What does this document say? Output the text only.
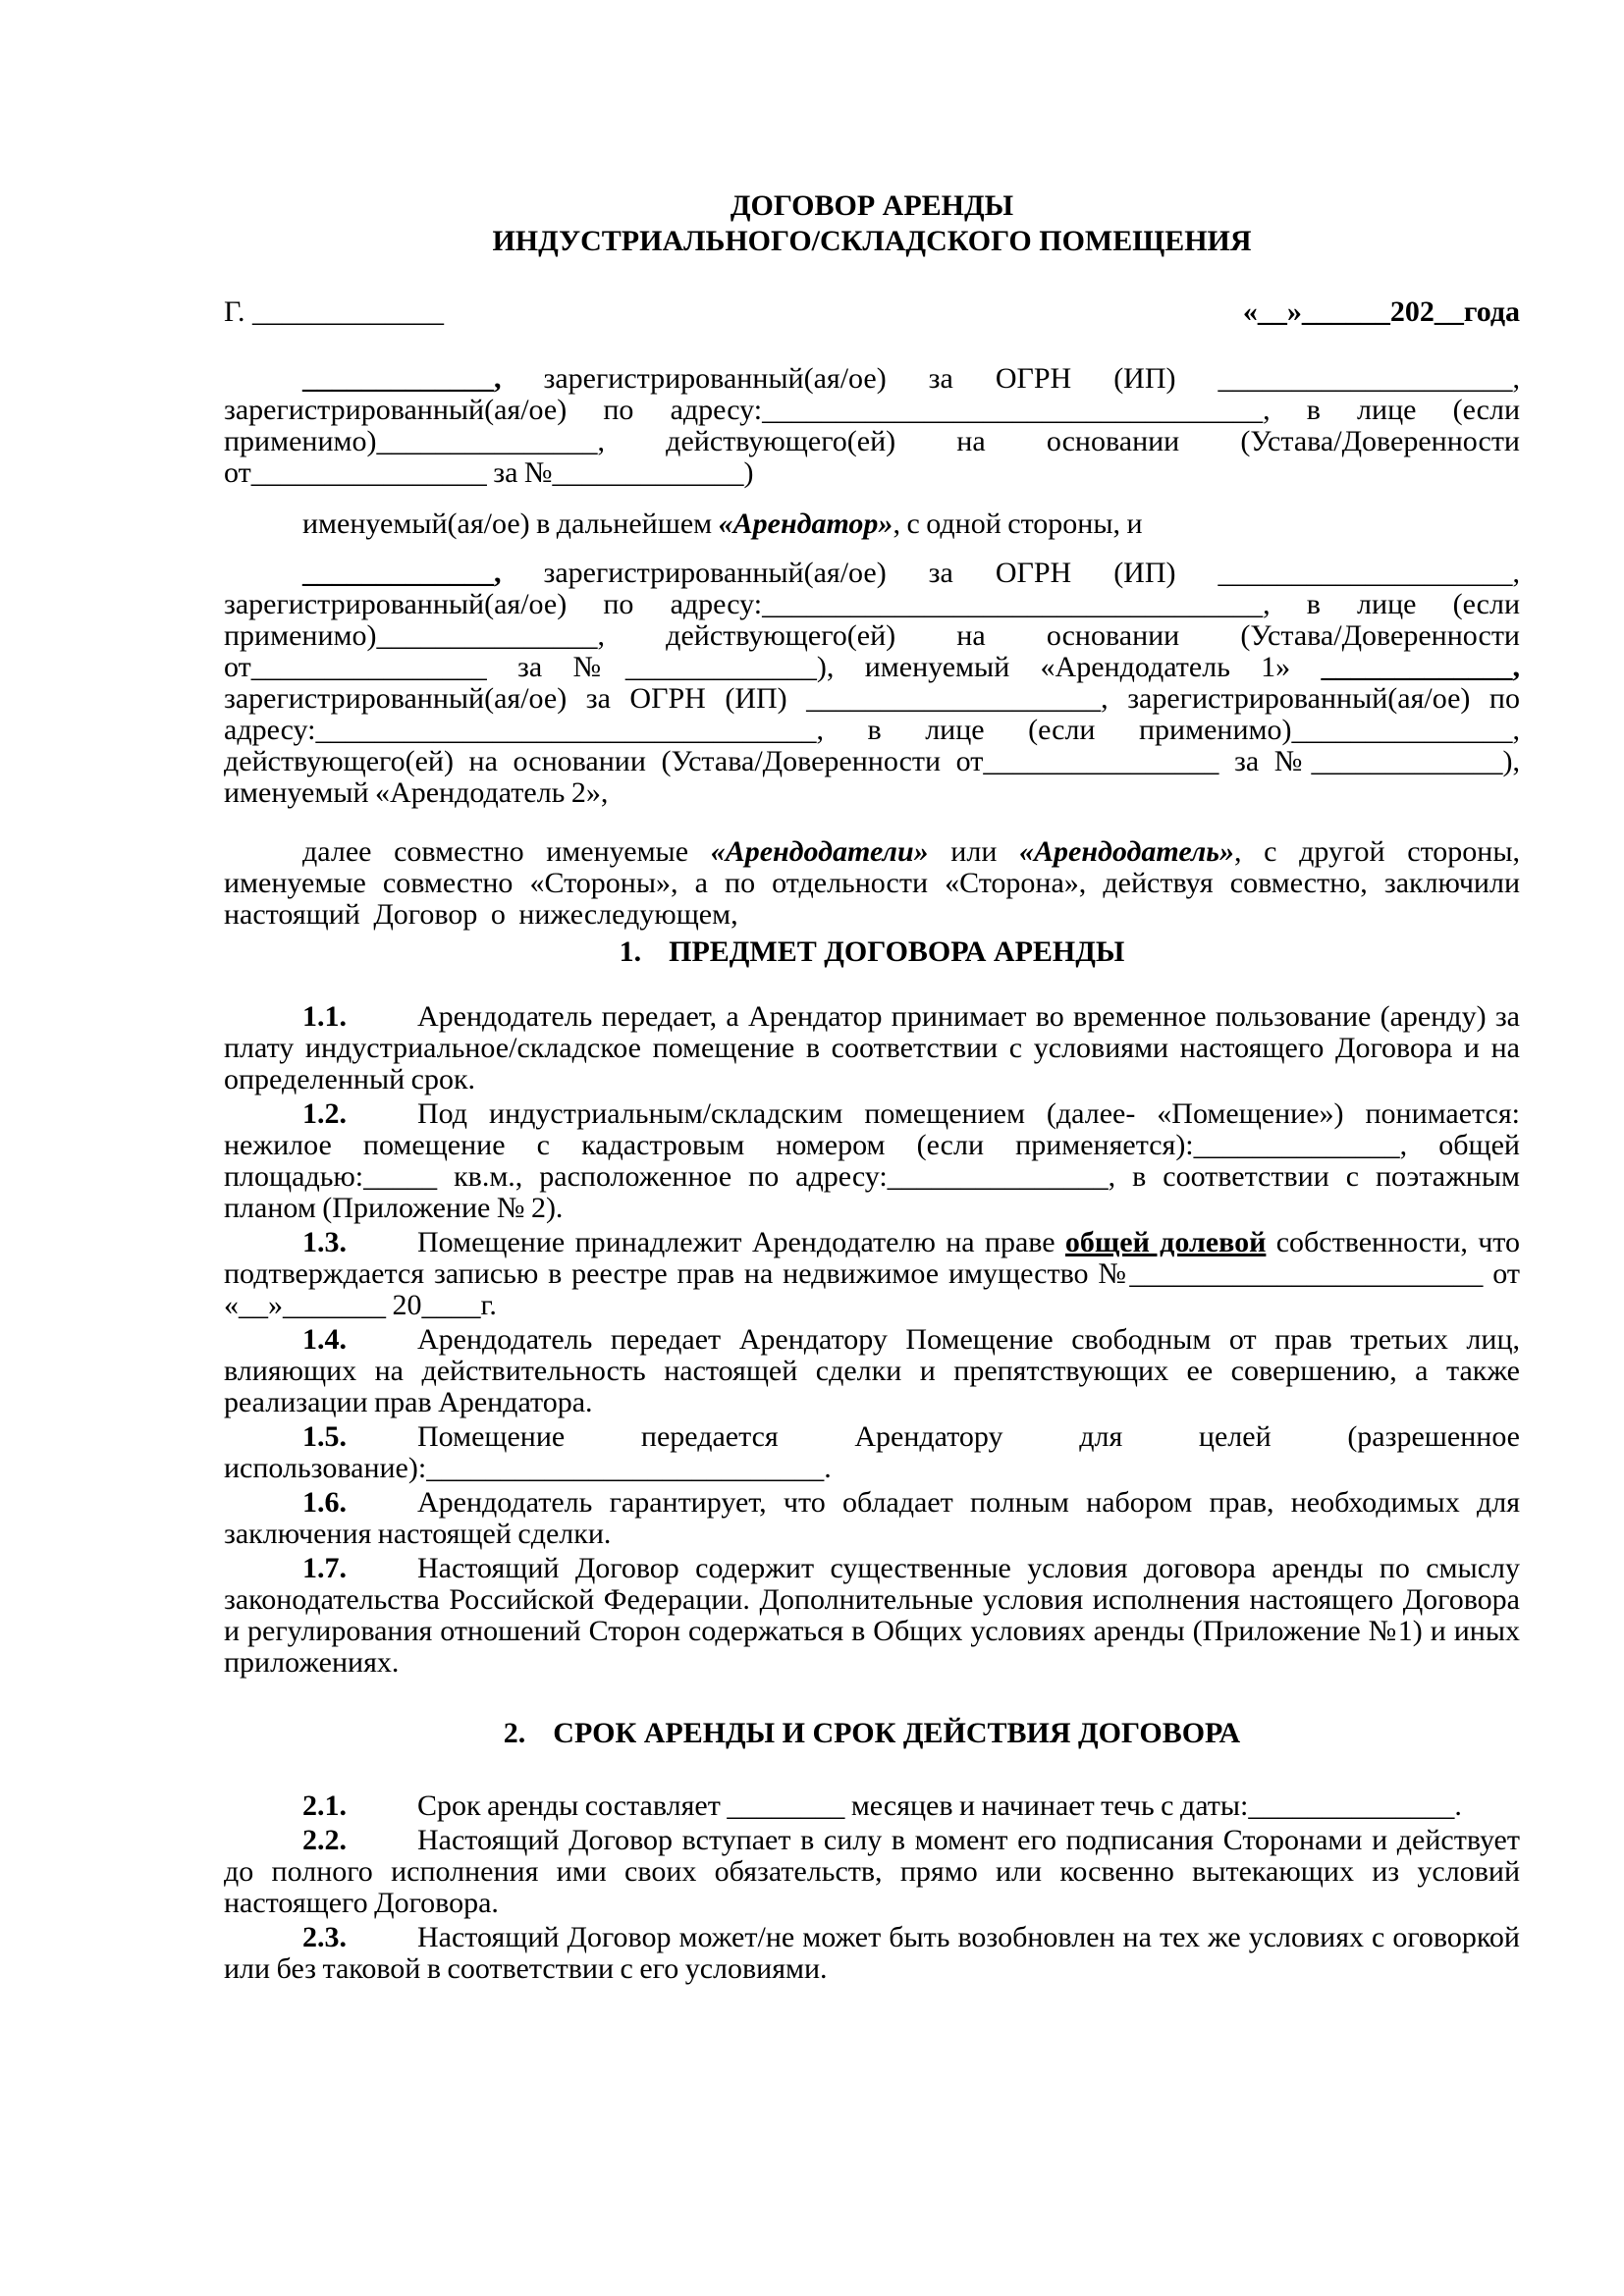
ДОГОВОР АРЕНДЫ
ИНДУСТРИАЛЬНОГО/СКЛАДСКОГО ПОМЕЩЕНИЯ
Г. _____________	«__»______202__года

_____________, зарегистрированный(ая/ое) за ОГРН (ИП) ____________________, зарегистрированный(ая/ое) по адресу:__________________________________, в лице (если применимо)_______________, действующего(ей) на основании (Устава/Доверенности от________________ за №_____________)

именуемый(ая/ое) в дальнейшем «Арендатор», с одной стороны, и

_____________, зарегистрированный(ая/ое) за ОГРН (ИП) ____________________, зарегистрированный(ая/ое) по адресу:__________________________________, в лице (если применимо)_______________, действующего(ей) на основании (Устава/Доверенности от________________ за №_____________), именуемый «Арендодатель 1» _____________, зарегистрированный(ая/ое) за ОГРН (ИП) ____________________, зарегистрированный(ая/ое) по адресу:__________________________________, в лице (если применимо)_______________, действующего(ей) на основании (Устава/Доверенности от________________ за №_____________), именуемый «Арендодатель 2»,

далее совместно именуемые «Арендодатели» или «Арендодатель», с другой стороны, именуемые совместно «Стороны», а по отдельности «Сторона», действуя совместно, заключили настоящий Договор о нижеследующем,

1. ПРЕДМЕТ ДОГОВОРА АРЕНДЫ

1.1. Арендодатель передает, а Арендатор принимает во временное пользование (аренду) за плату индустриальное/складское помещение в соответствии с условиями настоящего Договора и на определенный срок.

1.2. Под индустриальным/складским помещением (далее- «Помещение») понимается: нежилое помещение с кадастровым номером (если применяется):______________, общей площадью:_____ кв.м., расположенное по адресу:_______________, в соответствии с поэтажным планом (Приложение № 2).

1.3. Помещение принадлежит Арендодателю на праве общей долевой собственности, что подтверждается записью в реестре прав на недвижимое имущество №________________________ от «__»_______ 20____г.

1.4. Арендодатель передает Арендатору Помещение свободным от прав третьих лиц, влияющих на действительность настоящей сделки и препятствующих ее совершению, а также реализации прав Арендатора.

1.5. Помещение передается Арендатору для целей (разрешенное использование):___________________________.

1.6. Арендодатель гарантирует, что обладает полным набором прав, необходимых для заключения настоящей сделки.

1.7. Настоящий Договор содержит существенные условия договора аренды по смыслу законодательства Российской Федерации. Дополнительные условия исполнения настоящего Договора и регулирования отношений Сторон содержаться в Общих условиях аренды (Приложение №1) и иных приложениях.

2. СРОК АРЕНДЫ И СРОК ДЕЙСТВИЯ ДОГОВОРА

2.1. Срок аренды составляет ________ месяцев и начинает течь с даты:______________.

2.2. Настоящий Договор вступает в силу в момент его подписания Сторонами и действует до полного исполнения ими своих обязательств, прямо или косвенно вытекающих из условий настоящего Договора.

2.3. Настоящий Договор может/не может быть возобновлен на тех же условиях с оговоркой или без таковой в соответствии с его условиями.
